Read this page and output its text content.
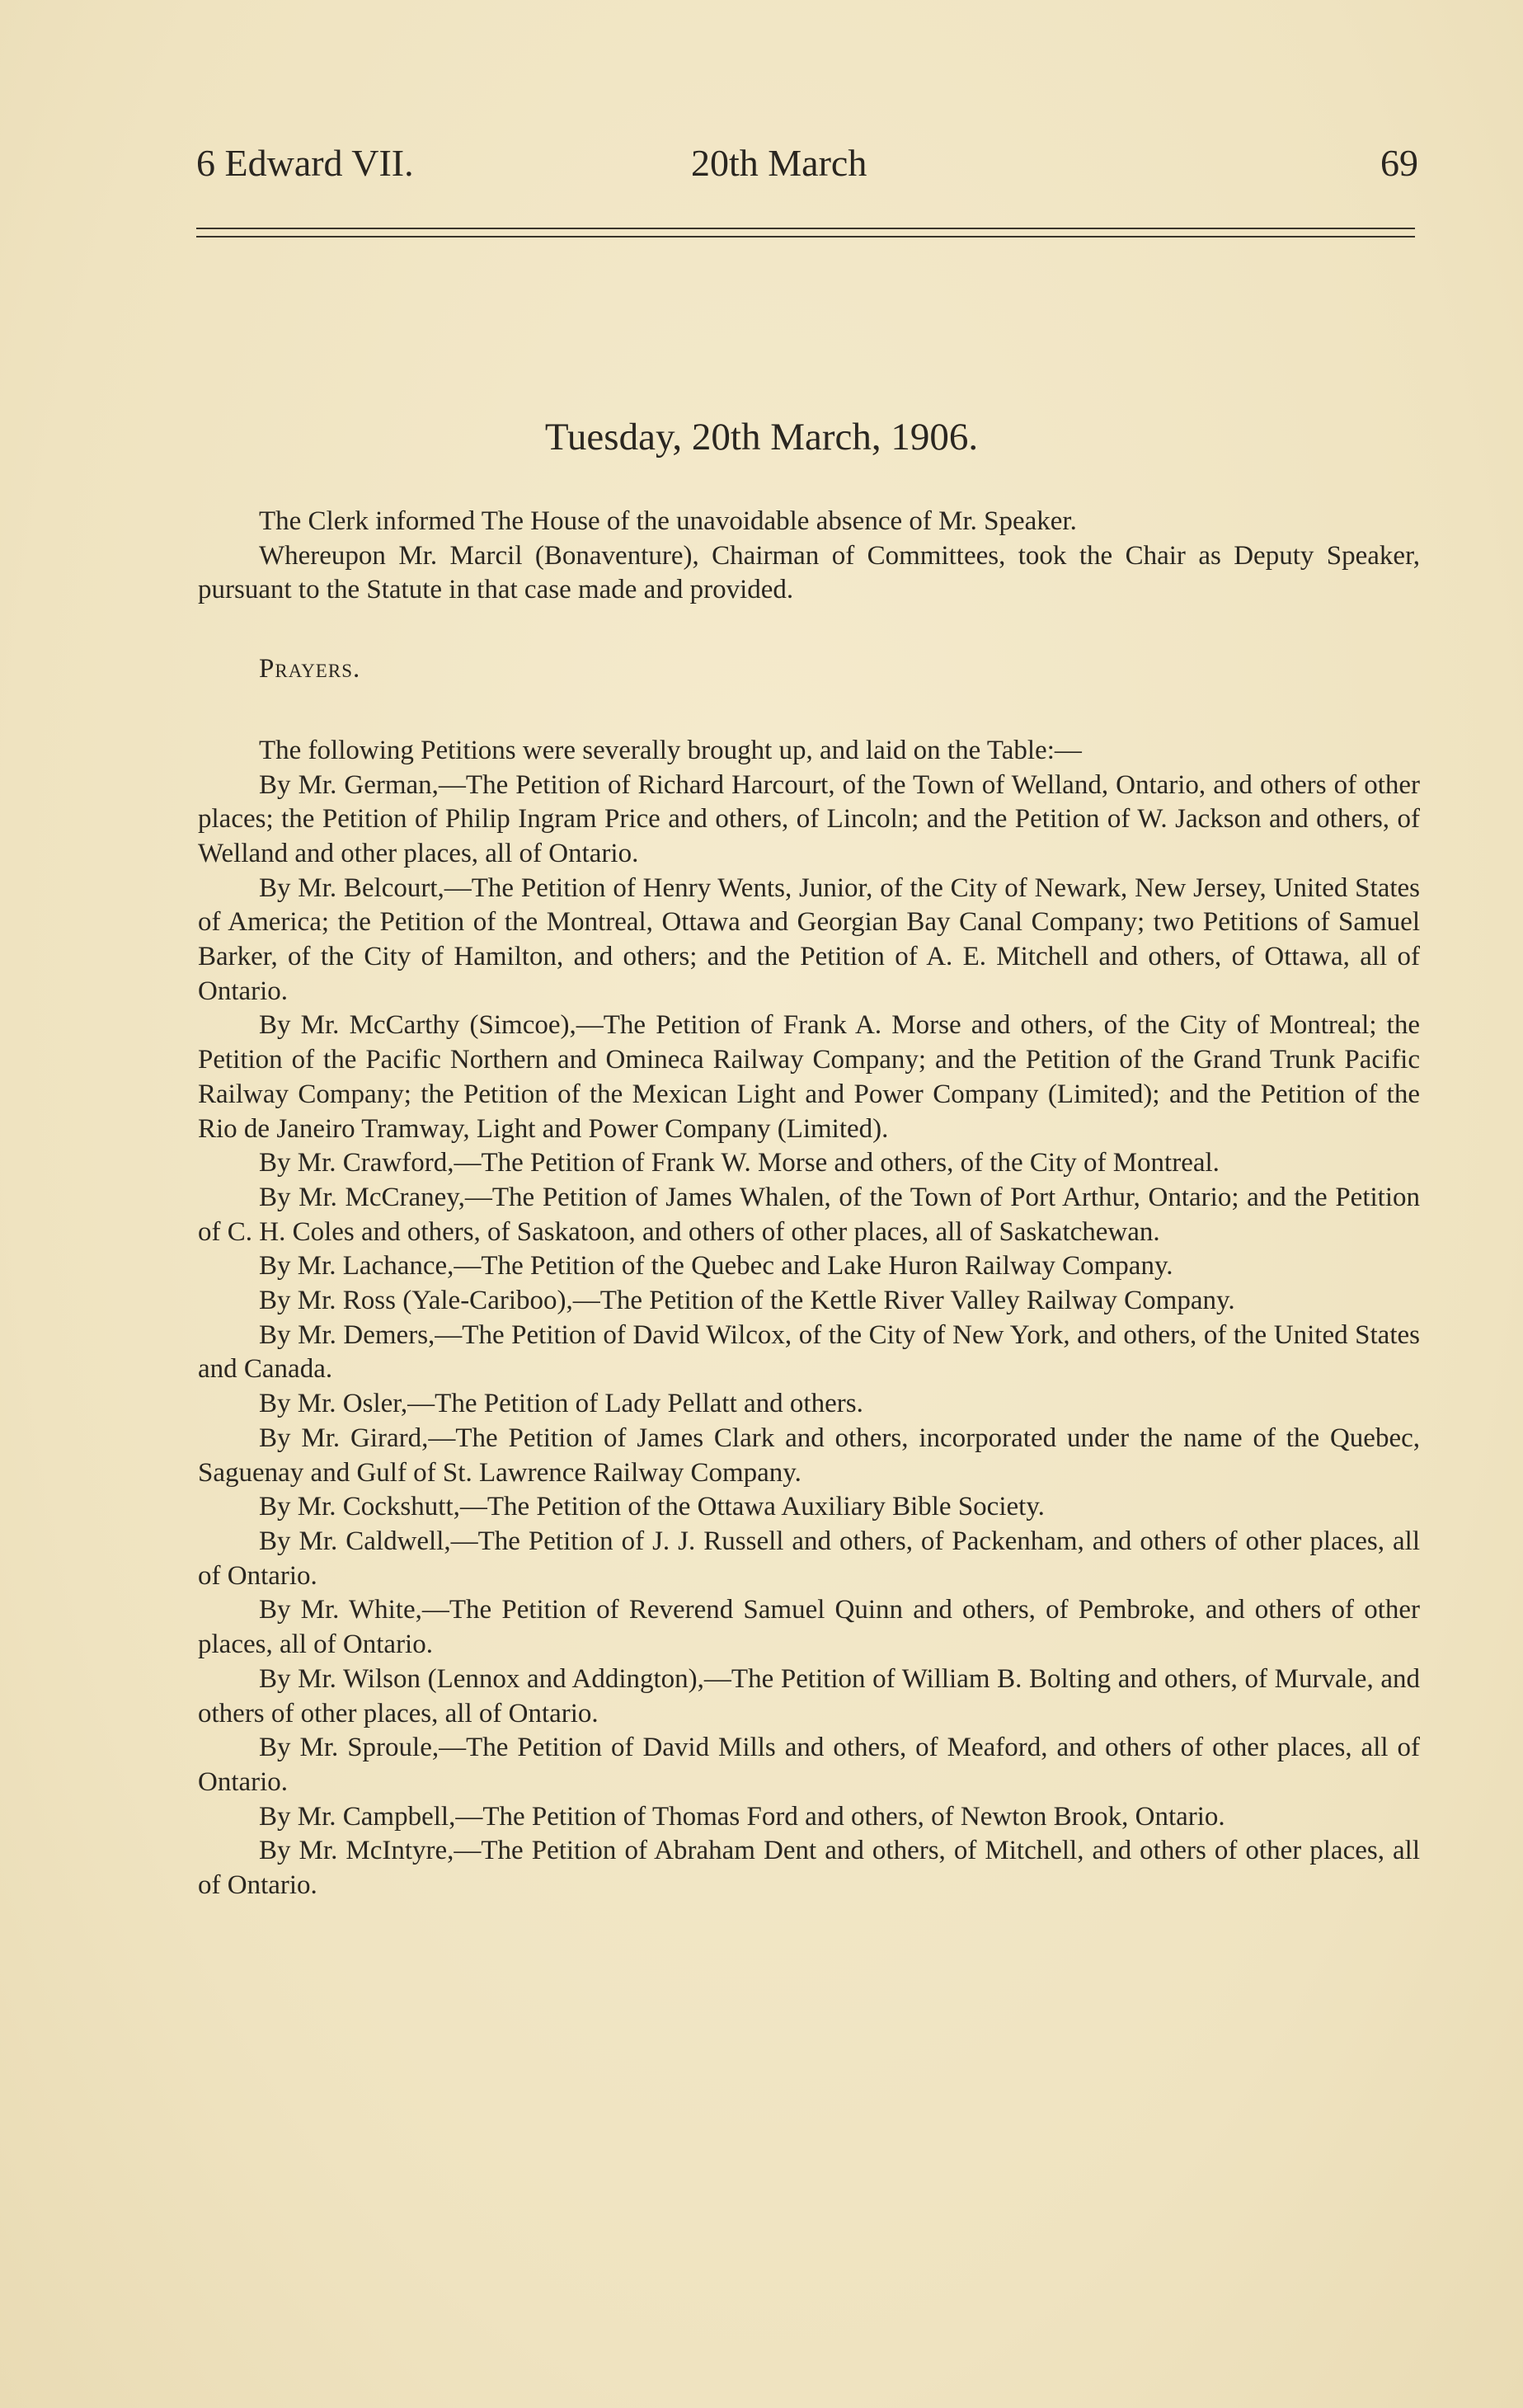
6 Edward VII.	20th March	69
Tuesday, 20th March, 1906.

The Clerk informed The House of the unavoidable absence of Mr. Speaker.

Whereupon Mr. Marcil (Bonaventure), Chairman of Committees, took the Chair as Deputy Speaker, pursuant to the Statute in that case made and provided.

Prayers.

The following Petitions were severally brought up, and laid on the Table:—

By Mr. German,—The Petition of Richard Harcourt, of the Town of Welland, Ontario, and others of other places; the Petition of Philip Ingram Price and others, of Lincoln; and the Petition of W. Jackson and others, of Welland and other places, all of Ontario.

By Mr. Belcourt,—The Petition of Henry Wents, Junior, of the City of Newark, New Jersey, United States of America; the Petition of the Montreal, Ottawa and Georgian Bay Canal Company; two Petitions of Samuel Barker, of the City of Hamilton, and others; and the Petition of A. E. Mitchell and others, of Ottawa, all of Ontario.

By Mr. McCarthy (Simcoe),—The Petition of Frank A. Morse and others, of the City of Montreal; the Petition of the Pacific Northern and Omineca Railway Company; and the Petition of the Grand Trunk Pacific Railway Company; the Petition of the Mexican Light and Power Company (Limited); and the Petition of the Rio de Janeiro Tramway, Light and Power Company (Limited).

By Mr. Crawford,—The Petition of Frank W. Morse and others, of the City of Montreal.

By Mr. McCraney,—The Petition of James Whalen, of the Town of Port Arthur, Ontario; and the Petition of C. H. Coles and others, of Saskatoon, and others of other places, all of Saskatchewan.

By Mr. Lachance,—The Petition of the Quebec and Lake Huron Railway Company.

By Mr. Ross (Yale-Cariboo),—The Petition of the Kettle River Valley Railway Company.

By Mr. Demers,—The Petition of David Wilcox, of the City of New York, and others, of the United States and Canada.

By Mr. Osler,—The Petition of Lady Pellatt and others.

By Mr. Girard,—The Petition of James Clark and others, incorporated under the name of the Quebec, Saguenay and Gulf of St. Lawrence Railway Company.

By Mr. Cockshutt,—The Petition of the Ottawa Auxiliary Bible Society.

By Mr. Caldwell,—The Petition of J. J. Russell and others, of Packenham, and others of other places, all of Ontario.

By Mr. White,—The Petition of Reverend Samuel Quinn and others, of Pembroke, and others of other places, all of Ontario.

By Mr. Wilson (Lennox and Addington),—The Petition of William B. Bolting and others, of Murvale, and others of other places, all of Ontario.

By Mr. Sproule,—The Petition of David Mills and others, of Meaford, and others of other places, all of Ontario.

By Mr. Campbell,—The Petition of Thomas Ford and others, of Newton Brook, Ontario.

By Mr. McIntyre,—The Petition of Abraham Dent and others, of Mitchell, and others of other places, all of Ontario.
